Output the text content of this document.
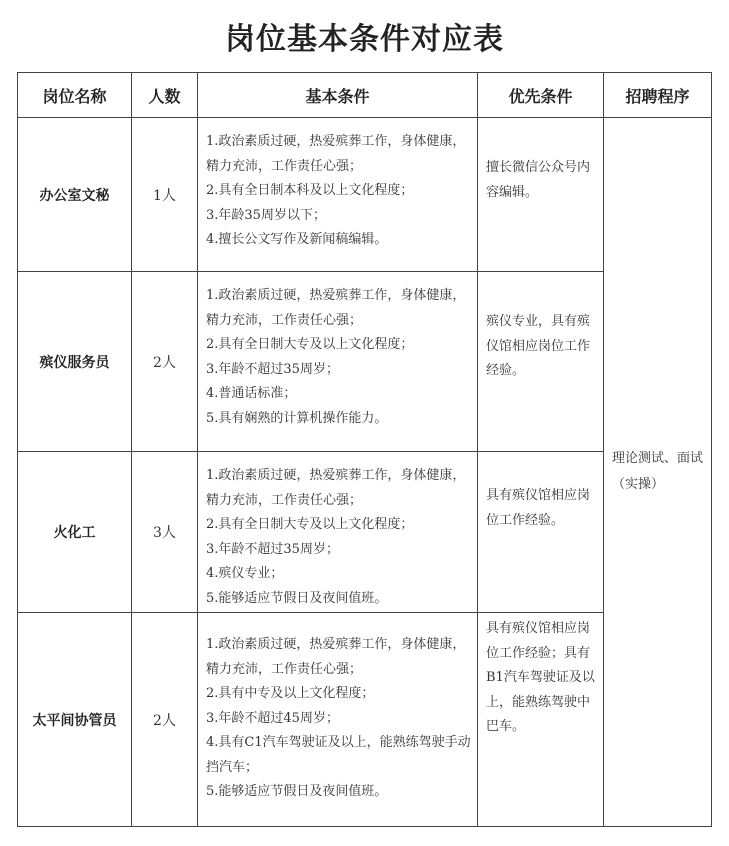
岗位基本条件对应表
岗位名称	人数	基本条件	优先条件	招聘程序
办公室文秘	1人	1.政治素质过硬，热爱殡葬工作，身体健康，精力充沛，工作责任心强；
2.具有全日制本科及以上文化程度；
3.年龄35周岁以下；
4.擅长公文写作及新闻稿编辑。	擅长微信公众号内容编辑。	理论测试、面试（实操）

殡仪服务员	2人	1.政治素质过硬，热爱殡葬工作，身体健康，精力充沛，工作责任心强；
2.具有全日制大专及以上文化程度；
3.年龄不超过35周岁；
4.普通话标准；
5.具有娴熟的计算机操作能力。	殡仪专业，具有殡仪馆相应岗位工作经验。	

火化工	3人	1.政治素质过硬，热爱殡葬工作，身体健康，精力充沛，工作责任心强；
2.具有全日制大专及以上文化程度；
3.年龄不超过35周岁；
4.殡仪专业；
5.能够适应节假日及夜间值班。	具有殡仪馆相应岗位工作经验。	

太平间协管员	2人	1.政治素质过硬，热爱殡葬工作，身体健康，精力充沛，工作责任心强；
2.具有中专及以上文化程度；
3.年龄不超过45周岁；
4.具有C1汽车驾驶证及以上，能熟练驾驶手动挡汽车；
5.能够适应节假日及夜间值班。	具有殡仪馆相应岗位工作经验；具有B1汽车驾驶证及以上，能熟练驾驶中巴车。	
